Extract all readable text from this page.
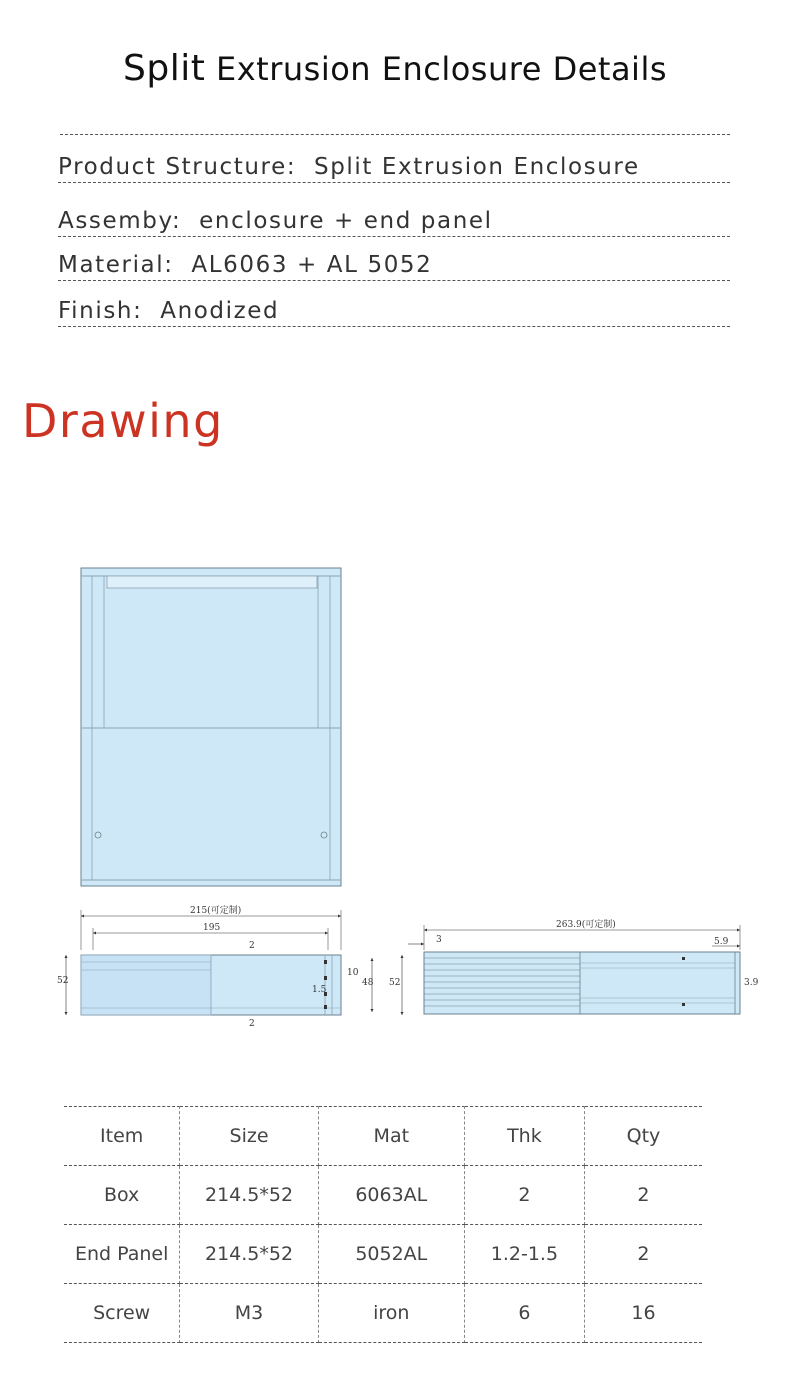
Split Extrusion Enclosure Details
Product Structure:  Split Extrusion Enclosure
Assemby:  enclosure + end panel
Material:  AL6063 + AL 5052
Finish:  Anodized
Drawing
215(可定制)
195
52	48 52
10
2
2
1.5
263.9(可定制)
3	5.9
3.9
Item	Size	Mat	Thk	Qty
Box	214.5*52	6063AL	2	2
End Panel	214.5*52	5052AL	1.2-1.5	2
Screw	M3	iron	6	16
